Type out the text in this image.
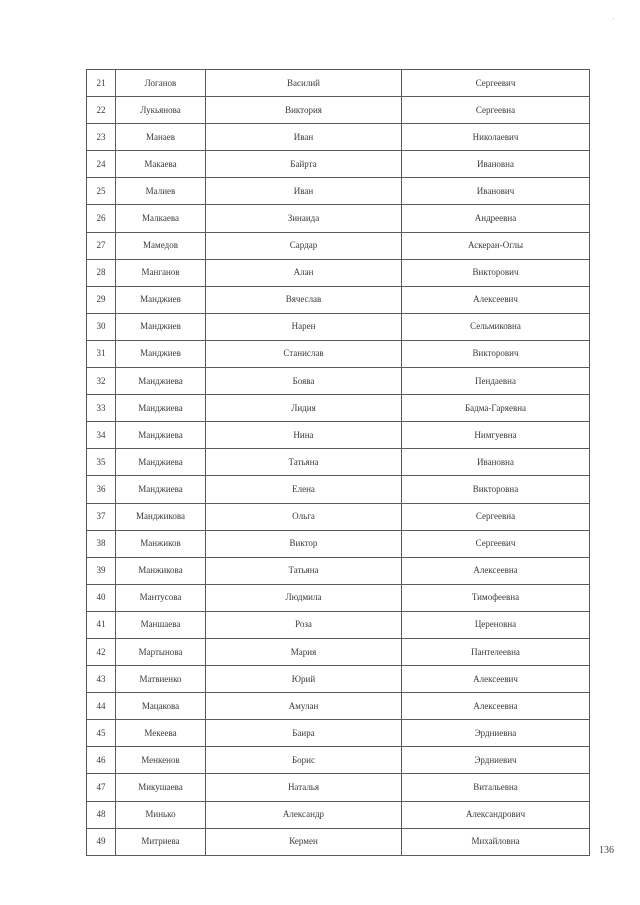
'
21	Логанов	Василий	Сергеевич
22	Лукьянова	Виктория	Сергеевна
23	Манаев	Иван	Николаевич
24	Макаева	Байрта	Ивановна
25	Малиев	Иван	Иванович
26	Малкаева	Зинаида	Андреевна
27	Мамедов	Сардар	Аскеран-Оглы
28	Манганов	Алан	Викторович
29	Манджиев	Вячеслав	Алексеевич
30	Манджиев	Нарен	Сельмиковна
31	Манджиев	Станислав	Викторович
32	Манджиева	Боява	Пендаевна
33	Манджиева	Лидия	Бадма-Гаряевна
34	Манджиева	Нина	Нимгуевна
35	Манджиева	Татьяна	Ивановна
36	Манджиева	Елена	Викторовна
37	Манджикова	Ольга	Сергеевна
38	Манжиков	Виктор	Сергеевич
39	Манжикова	Татьяна	Алексеевна
40	Мантусова	Людмила	Тимофеевна
41	Маншаева	Роза	Цереновна
42	Мартынова	Мария	Пантелеевна
43	Матвиенко	Юрий	Алексеевич
44	Мацакова	Амулан	Алексеевна
45	Мекеева	Баира	Эрдниевна
46	Менкенов	Борис	Эрдниевич
47	Микушаева	Наталья	Витальевна
48	Минько	Александр	Александрович
49	Митриева	Кермен	Михайловна
136
